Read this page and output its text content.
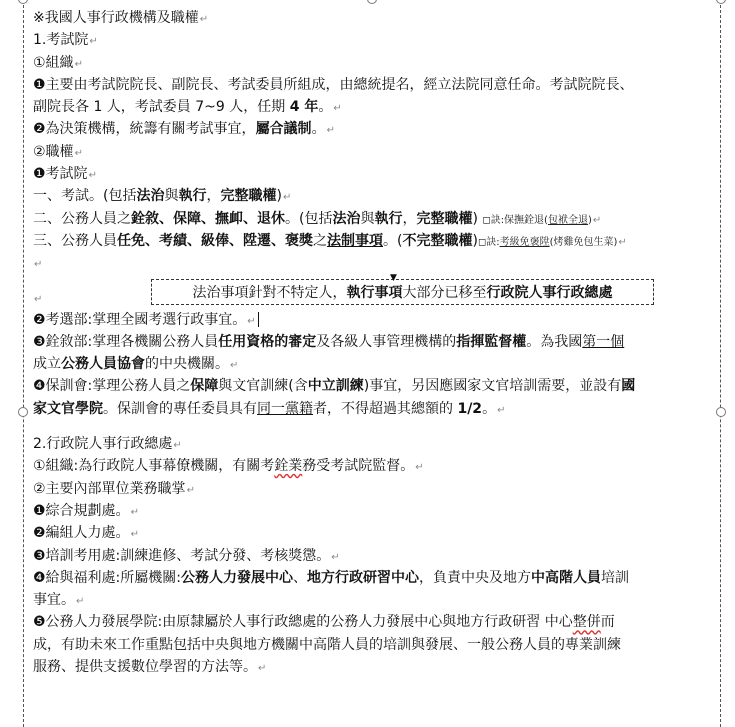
※我國人事行政機構及職權↵
1.考試院↵
①組織↵
❶主要由考試院院長、副院長、考試委員所組成，由總統提名，經立法院同意任命。考試院院長、
副院長各 1 人，考試委員 7~9 人，任期 4 年。↵
❷為決策機構，統籌有關考試事宜，屬合議制。↵
②職權↵
❶考試院↵
一、考試。(包括法治與執行，完整職權)↵
二、公務人員之銓敘、保障、撫卹、退休。(包括法治與執行，完整職權) ◻訣:保撫銓退(包袱全退)↵
三、公務人員任免、考績、級俸、陞遷、褒獎之法制事項。(不完整職權)◻訣:考級免褒陞(烤雞免包生菜)↵
↵
▼
法治事項針對不特定人，執行事項大部分已移至行政院人事行政總處
↵
❷考選部:掌理全國考選行政事宜。↵
❸銓敘部:掌理各機關公務人員任用資格的審定及各級人事管理機構的指揮監督權。為我國第一個
成立公務人員協會的中央機關。↵
❹保訓會:掌理公務人員之保障與文官訓練(含中立訓練)事宜，另因應國家文官培訓需要，並設有國
家文官學院。保訓會的專任委員具有同一黨籍者，不得超過其總額的 1/2。↵
2.行政院人事行政總處↵
①組織:為行政院人事幕僚機關，有關考銓業務受考試院監督。↵
②主要內部單位業務職掌↵
❶綜合規劃處。↵
❷編組人力處。↵
❸培訓考用處:訓練進修、考試分發、考核獎懲。↵
❹給與福利處:所屬機關:公務人力發展中心、地方行政研習中心，負責中央及地方中高階人員培訓
事宜。↵
❺公務人力發展學院:由原隸屬於人事行政總處的公務人力發展中心與地方行政研習 中心整併而
成，有助未來工作重點包括中央與地方機關中高階人員的培訓與發展、一般公務人員的專業訓練
服務、提供支援數位學習的方法等。↵
